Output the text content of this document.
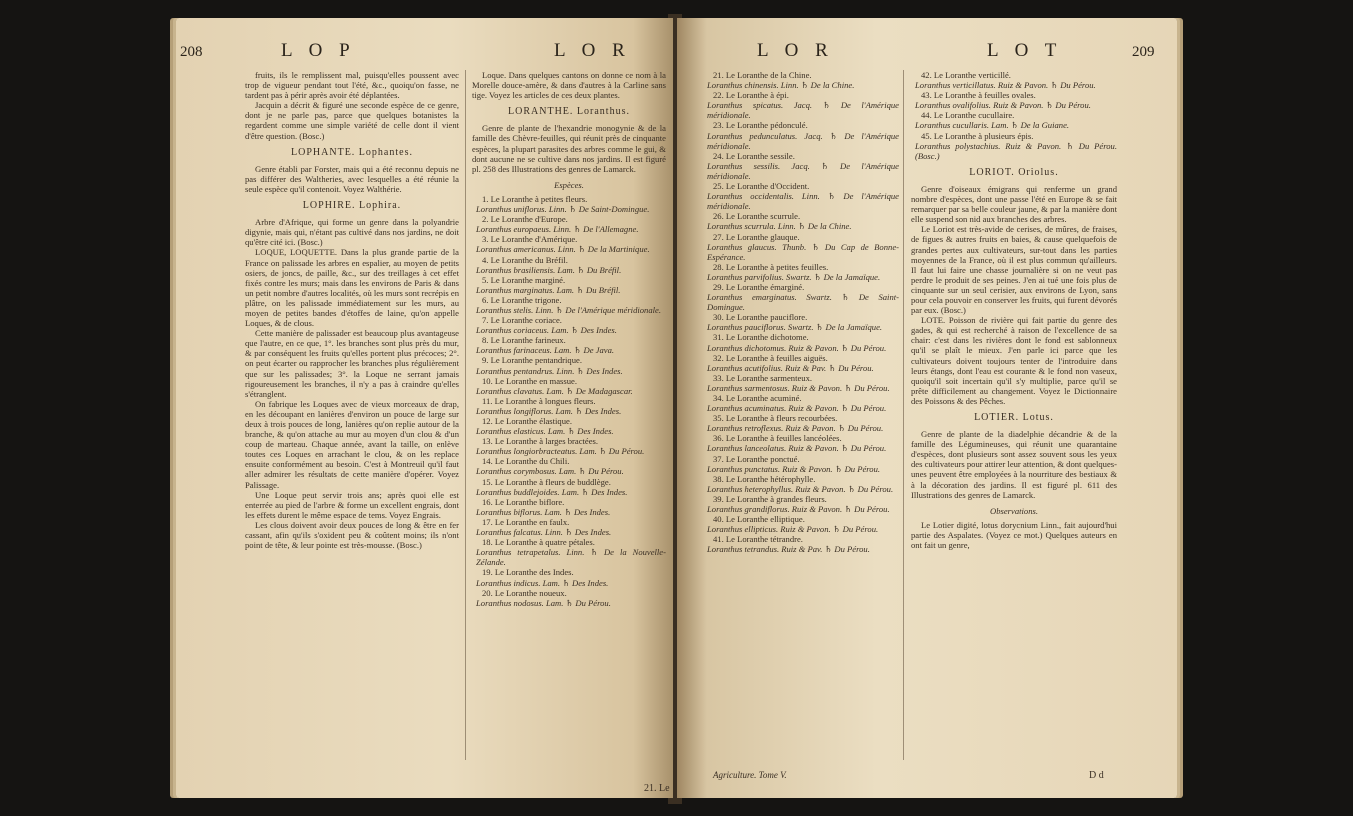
208	L O P	L O R
fruits, ils le remplissent mal, puisqu'elles poussent avec trop de vigueur pendant tout l'été, &c., quoiqu'on fasse, ne tardent pas à périr après avoir été déplantées.
Jacquin a décrit & figuré une seconde espèce de ce genre, dont je ne parle pas, parce que quelques botanistes la regardent comme une simple variété de celle dont il vient d'être question. (Bosc.)
LOPHANTE. Lophantes.
Genre établi par Forster, mais qui a été reconnu depuis ne pas différer des Waltheries, avec lesquelles a été réunie la seule espèce qu'il contenoit. Voyez Walthérie.
LOPHIRE. Lophira.
Arbre d'Afrique, qui forme un genre dans la polyandrie digynie, mais qui, n'étant pas cultivé dans nos jardins, ne doit qu'être cité ici. (Bosc.)
LOQUE, LOQUETTE. Dans la plus grande partie de la France on palissade les arbres en espalier, au moyen de petits osiers, de joncs, de paille, &c., sur des treillages à cet effet fixés contre les murs; mais dans les environs de Paris & dans un petit nombre d'autres localités, où les murs sont recrépis en plâtre, on les palissade immédiatement sur les murs, au moyen de petites bandes d'étoffes de laine, qu'on appelle Loques, & de clous.
Cette manière de palissader est beaucoup plus avantageuse que l'autre, en ce que, 1°. les branches sont plus près du mur, & par conséquent les fruits qu'elles portent plus précoces; 2°. on peut écarter ou rapprocher les branches plus régulièrement que sur les palissades; 3°. la Loque ne serrant jamais rigoureusement les branches, il n'y a pas à craindre qu'elles s'étranglent.
On fabrique les Loques avec de vieux morceaux de drap, en les découpant en lanières d'environ un pouce de large sur deux à trois pouces de long, lanières qu'on replie autour de la branche, & qu'on attache au mur au moyen d'un clou & d'un coup de marteau. Chaque année, avant la taille, on enlève toutes ces Loques en arrachant le clou, & on les replace ensuite conformément au besoin. C'est à Montreuil qu'il faut aller admirer les résultats de cette manière d'opérer. Voyez Palissage.
Une Loque peut servir trois ans; après quoi elle est enterrée au pied de l'arbre & forme un excellent engrais, dont les effets durent le même espace de tems. Voyez Engrais.
Les clous doivent avoir deux pouces de long & être en fer cassant, afin qu'ils s'oxident peu & coûtent moins; ils n'ont point de tête, & leur pointe est très-mousse. (Bosc.)
Loque. Dans quelques cantons on donne ce nom à la Morelle douce-amère, & dans d'autres à la Carline sans tige. Voyez les articles de ces deux plantes.
LORANTHE. Loranthus.
Genre de plante de l'hexandrie monogynie & de la famille des Chèvre-feuilles, qui réunit près de cinquante espèces, la plupart parasites des arbres comme le gui, & dont aucune ne se cultive dans nos jardins. Il est figuré pl. 258 des Illustrations des genres de Lamarck.
Espèces.
1. Le Loranthe à petites fleurs.
Loranthus uniflorus. Linn. ♄ De Saint-Domingue.
2. Le Loranthe d'Europe.
Loranthus europaeus. Linn. ♄ De l'Allemagne.
3. Le Loranthe d'Amérique.
Loranthus americanus. Linn. ♄ De la Martinique.
4. Le Loranthe du Bréfil.
Loranthus brasiliensis. Lam. ♄ Du Bréfil.
5. Le Loranthe marginé.
Loranthus marginatus. Lam. ♄ Du Bréfil.
6. Le Loranthe trigone.
Loranthus stelis. Linn. ♄ De l'Amérique méridionale.
7. Le Loranthe coriace.
Loranthus coriaceus. Lam. ♄ Des Indes.
8. Le Loranthe farineux.
Loranthus farinaceus. Lam. ♄ De Java.
9. Le Loranthe pentandrique.
Loranthus pentandrus. Linn. ♄ Des Indes.
10. Le Loranthe en massue.
Loranthus clavatus. Lam. ♄ De Madagascar.
11. Le Loranthe à longues fleurs.
Loranthus longiflorus. Lam. ♄ Des Indes.
12. Le Loranthe élastique.
Loranthus elasticus. Lam. ♄ Des Indes.
13. Le Loranthe à larges bractées.
Loranthus longiorbracteatus. Lam. ♄ Du Pérou.
14. Le Loranthe du Chili.
Loranthus corymbosus. Lam. ♄ Du Pérou.
15. Le Loranthe à fleurs de buddlège.
Loranthus buddlejoides. Lam. ♄ Des Indes.
16. Le Loranthe biflore.
Loranthus biflorus. Lam. ♄ Des Indes.
17. Le Loranthe en faulx.
Loranthus falcatus. Linn. ♄ Des Indes.
18. Le Loranthe à quatre pétales.
Loranthus tetrapetalus. Linn. ♄ De la Nouvelle-Zélande.
19. Le Loranthe des Indes.
Loranthus indicus. Lam. ♄ Des Indes.
20. Le Loranthe noueux.
Loranthus nodosus. Lam. ♄ Du Pérou.
21. Le
L O R	L O T	209
21. Le Loranthe de la Chine.
Loranthus chinensis. Linn. ♄ De la Chine.
22. Le Loranthe à épi.
Loranthus spicatus. Jacq. ♄ De l'Amérique méridionale.
23. Le Loranthe pédonculé.
Loranthus pedunculatus. Jacq. ♄ De l'Amérique méridionale.
24. Le Loranthe sessile.
Loranthus sessilis. Jacq. ♄ De l'Amérique méridionale.
25. Le Loranthe d'Occident.
Loranthus occidentalis. Linn. ♄ De l'Amérique méridionale.
26. Le Loranthe scurrule.
Loranthus scurrula. Linn. ♄ De la Chine.
27. Le Loranthe glauque.
Loranthus glaucus. Thunb. ♄ Du Cap de Bonne-Espérance.
28. Le Loranthe à petites feuilles.
Loranthus parvifolius. Swartz. ♄ De la Jamaïque.
29. Le Loranthe émarginé.
Loranthus emarginatus. Swartz. ♄ De Saint-Domingue.
30. Le Loranthe pauciflore.
Loranthus pauciflorus. Swartz. ♄ De la Jamaïque.
31. Le Loranthe dichotome.
Loranthus dichotomus. Ruiz & Pavon. ♄ Du Pérou.
32. Le Loranthe à feuilles aiguës.
Loranthus acutifolius. Ruiz & Pav. ♄ Du Pérou.
33. Le Loranthe sarmenteux.
Loranthus sarmentosus. Ruiz & Pavon. ♄ Du Pérou.
34. Le Loranthe acuminé.
Loranthus acuminatus. Ruiz & Pavon. ♄ Du Pérou.
35. Le Loranthe à fleurs recourbées.
Loranthus retroflexus. Ruiz & Pavon. ♄ Du Pérou.
36. Le Loranthe à feuilles lancéolées.
Loranthus lanceolatus. Ruiz & Pavon. ♄ Du Pérou.
37. Le Loranthe ponctué.
Loranthus punctatus. Ruiz & Pavon. ♄ Du Pérou.
38. Le Loranthe hétérophylle.
Loranthus heterophyllus. Ruiz & Pavon. ♄ Du Pérou.
39. Le Loranthe à grandes fleurs.
Loranthus grandiflorus. Ruiz & Pavon. ♄ Du Pérou.
40. Le Loranthe elliptique.
Loranthus ellipticus. Ruiz & Pavon. ♄ Du Pérou.
41. Le Loranthe tétrandre.
Loranthus tetrandus. Ruiz & Pav. ♄ Du Pérou.
Agriculture. Tome V.
42. Le Loranthe verticillé.
Loranthus verticillatus. Ruiz & Pavon. ♄ Du Pérou.
43. Le Loranthe à feuilles ovales.
Loranthus ovalifolius. Ruiz & Pavon. ♄ Du Pérou.
44. Le Loranthe cucullaire.
Loranthus cucullaris. Lam. ♄ De la Guiane.
45. Le Loranthe à plusieurs épis.
Loranthus polystachius. Ruiz & Pavon. ♄ Du Pérou. (Bosc.)
LORIOT. Oriolus.
Genre d'oiseaux émigrans qui renferme un grand nombre d'espèces, dont une passe l'été en Europe & se fait remarquer par sa belle couleur jaune, & par la manière dont elle suspend son nid aux branches des arbres.
Le Loriot est très-avide de cerises, de mûres, de fraises, de figues & autres fruits en baies, & cause quelquefois de grandes pertes aux cultivateurs, sur-tout dans les parties moyennes de la France, où il est plus commun qu'ailleurs. Il faut lui faire une chasse journalière si on ne veut pas perdre le produit de ses peines. J'en ai tué une fois plus de cinquante sur un seul cerisier, aux environs de Lyon, sans pour cela pouvoir en conserver les fruits, qui furent dévorés par eux. (Bosc.)
LOTE. Poisson de rivière qui fait partie du genre des gades, & qui est recherché à raison de l'excellence de sa chair: c'est dans les rivières dont le fond est sablonneux qu'il se plaît le mieux. J'en parle ici parce que les cultivateurs doivent toujours tenter de l'introduire dans leurs étangs, dont l'eau est courante & le fond non vaseux, quoiqu'il soit incertain qu'il s'y multiplie, parce qu'il se prête difficilement au changement. Voyez le Dictionnaire des Poissons & des Pêches.
LOTIER. Lotus.
Genre de plante de la diadelphie décandrie & de la famille des Légumineuses, qui réunit une quarantaine d'espèces, dont plusieurs sont assez souvent sous les yeux des cultivateurs pour attirer leur attention, & dont quelques-unes peuvent être employées à la nourriture des bestiaux & à la décoration des jardins. Il est figuré pl. 611 des Illustrations des genres de Lamarck.
Observations.
Le Lotier digité, lotus dorycnium Linn., fait aujourd'hui partie des Aspalates. (Voyez ce mot.) Quelques auteurs en ont fait un genre,
D d
